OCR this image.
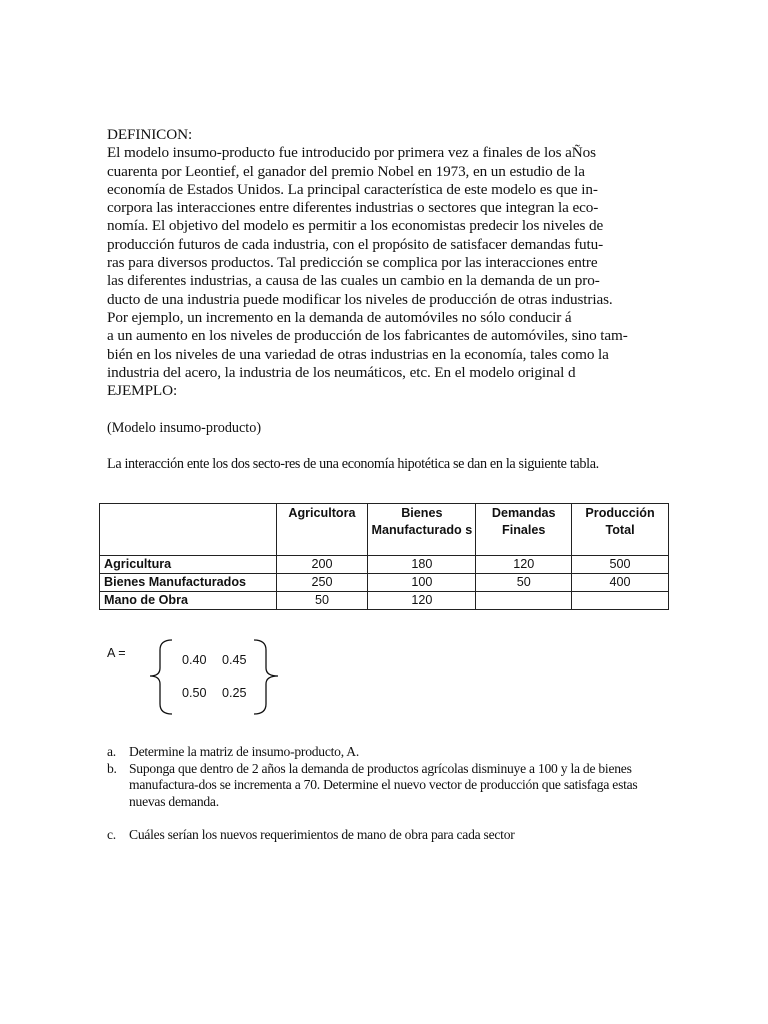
DEFINICON:
El modelo insumo-producto fue introducido por primera vez a finales de los aÑos
cuarenta por Leontief, el ganador del premio Nobel en 1973, en un estudio de la
economía de Estados Unidos. La principal característica de este modelo es que in-
corpora las interacciones entre diferentes industrias o sectores que integran la eco-
nomía. El objetivo del modelo es permitir a los economistas predecir los niveles de
producción futuros de cada industria, con el propósito de satisfacer demandas futu-
ras para diversos productos. Tal predicción se complica por las interacciones entre
las diferentes industrias, a causa de las cuales un cambio en la demanda de un pro-
ducto de una industria puede modificar los niveles de producción de otras industrias.
Por ejemplo, un incremento en la demanda de automóviles no sólo conducir á
a un aumento en los niveles de producción de los fabricantes de automóviles, sino tam-
bién en los niveles de una variedad de otras industrias en la economía, tales como la
industria del acero, la industria de los neumáticos, etc. En el modelo original d
EJEMPLO:
(Modelo insumo-producto)
La interacción ente los dos secto-res de una economía hipotética se dan en la siguiente tabla.
	Agricultora	Bienes Manufacturado s	Demandas Finales	Producción Total
Agricultura	200	180	120	500
Bienes Manufacturados	250	100	50	400
Mano de Obra	50	120		
A =	0.40 0.45
0.50 0.25
a. Determine la matriz de insumo-producto, A.
b. Suponga que dentro de 2 años la demanda de productos agrícolas disminuye a 100 y la de bienes manufactura-dos se incrementa a 70. Determine el nuevo vector de producción que satisfaga estas nuevas demanda.
c. Cuáles serían los nuevos requerimientos de mano de obra para cada sector
